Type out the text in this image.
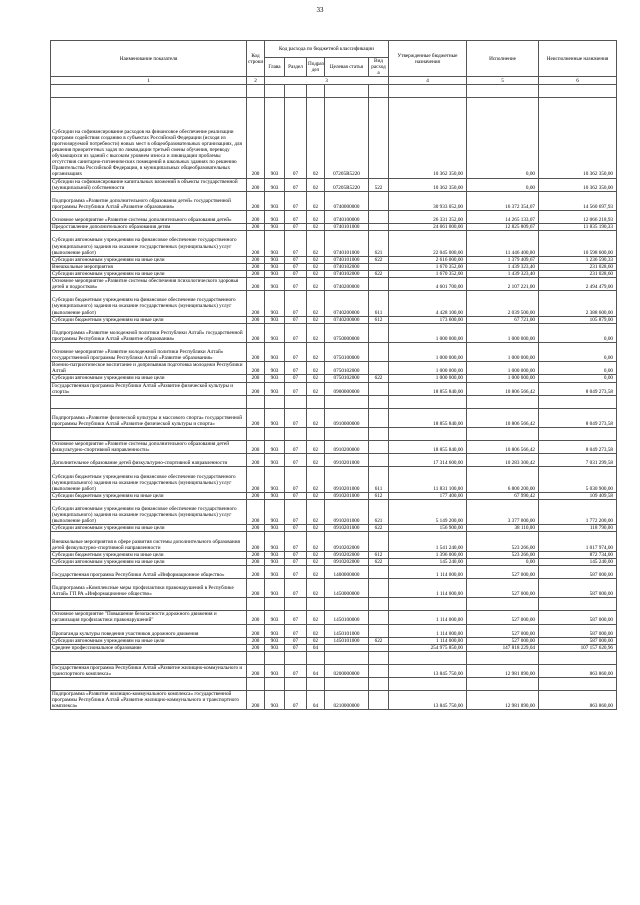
33
Наименование показателя	Код строки	Код расхода по бюджетной классификации					Утвержденные бюджетные назначения	Исполнение	Неисполненные назначения
		Глава	Раздел	Подраз дел	Целевая статья	Вид расход а			
1	2	3					4	5	6

Субсидии на софинансирование расходов на финансовое обеспечение реализации программ содействия созданию в субъектах Российской Федерации (исходя из прогнозируемой потребности) новых мест в общеобразовательных организациях, для решения приоритетных задач по ликвидации третьей смены обучения, переводу обучающихся из зданий с высоким уровнем износа и ликвидации проблемы отсутствия санитарно-гигиенических помещений в школьных зданиях по решению Правительства Российской Федерации, в муниципальных общеобразовательных организациях	200	903	07	02	07205R5220		10 362 350,00	0,00	10 362 350,00
Субсидии на софинансирование капитальных вложений в объекты государственной (муниципальной) собственности	200	903	07	02	07205R5220	522	10 362 350,00	0,00	10 362 350,00
Подпрограмма «Развитие дополнительного образования детей» государственной программы Республики Алтай «Развитие образования»	200	903	07	02	0740000000		30 933 052,00	16 372 354,07	14 560 697,93
Основное мероприятие «Развитие системы дополнительного образования детей»	200	903	07	02	0740100000		26 331 352,00	14 265 133,07	12 066 218,93
Предоставление дополнительного образования детям	200	903	07	02	0740101000		24 661 000,00	12 825 809,67	11 835 190,33
Субсидии автономным учреждениям на финансовое обеспечение государственного (муниципального) задания на оказание государственных (муниципальных) услуг (выполнение работ)	200	903	07	02	0740101000	621	22 045 000,00	11 446 400,00	10 598 600,00
Субсидии автономным учреждениям на иные цели	200	903	07	02	0740101000	622	2 616 000,00	1 379 409,67	1 236 590,33
Внешкольные мероприятия	200	903	07	02	0740102000		1 670 352,00	1 439 323,40	231 028,60
Субсидии автономным учреждениям на иные цели	200	903	07	02	0740102000	622	1 670 352,00	1 439 323,40	231 028,60
Основное мероприятие «Развитие системы обеспечения психологического здоровья детей и подростков»	200	903	07	02	0740200000		4 601 700,00	2 107 221,00	2 494 479,00
Субсидии бюджетным учреждениям на финансовое обеспечение государственного (муниципального) задания на оказание государственных (муниципальных) услуг (выполнение работ)	200	903	07	02	0740200000	611	4 428 100,00	2 039 500,00	2 388 600,00
Субсидии бюджетным учреждениям на иные цели	200	903	07	02	0740200000	612	173 600,00	67 721,00	105 879,00
Подпрограмма «Развитие молодежной политики Республики Алтай» государственной программы Республики Алтай «Развитие образования»	200	903	07	02	0750000000		1 000 000,00	1 000 000,00	0,00
Основное мероприятие «Развитие молодежной политики Республики Алтай» государственной программы Республики Алтай «Развитие образования»	200	903	07	02	0750100000		1 000 000,00	1 000 000,00	0,00
Военно-патриотическое воспитание и допризывная подготовка молодежи Республики Алтай	200	903	07	02	0750102000		1 000 000,00	1 000 000,00	0,00
Субсидии автономным учреждениям на иные цели	200	903	07	02	0750102000	622	1 000 000,00	1 000 000,00	0,00
Государственная программа Республики Алтай «Развитие физической культуры и спорта»	200	903	07	02	0900000000		18 855 840,00	10 806 566,42	8 049 273,58

Подпрограмма «Развитие физической культуры и массового спорта» государственной программы Республики Алтай «Развитие физической культуры и спорта»	200	903	07	02	0910000000		18 855 840,00	10 806 566,42	8 049 273,58

Основное мероприятие «Развитие системы дополнительного образования детей физкультурно-спортивной направленности»	200	903	07	02	0910200000		18 855 840,00	10 806 566,42	8 049 273,58
Дополнительное образование детей физкультурно-спортивной направленности	200	903	07	02	0910201000		17 314 600,00	10 283 300,42	7 031 299,58
Субсидии бюджетным учреждениям на финансовое обеспечение государственного (муниципального) задания на оказание государственных (муниципальных) услуг (выполнение работ)	200	903	07	02	0910201000	611	11 831 100,00	6 800 200,00	5 030 900,00
Субсидии бюджетным учреждениям на иные цели	200	903	07	02	0910201000	612	177 400,00	67 990,42	109 409,58
Субсидии автономным учреждениям на финансовое обеспечение государственного (муниципального) задания на оказание государственных (муниципальных) услуг (выполнение работ)	200	903	07	02	0910201000	621	5 149 200,00	3 377 000,00	1 772 200,00
Субсидии автономным учреждениям на иные цели	200	903	07	02	0910201000	622	156 900,00	38 110,00	118 790,00
Внешкольные мероприятия в сфере развития системы дополнительного образования детей физкультурно-спортивной направленности	200	903	07	02	0910202000		1 541 240,00	523 266,00	1 017 974,00
Субсидии бюджетным учреждениям на иные цели	200	903	07	02	0910202000	612	1 396 000,00	523 266,00	872 734,00
Субсидии автономным учреждениям на иные цели	200	903	07	02	0910202000	622	145 240,00	0,00	145 240,00
Государственная программа Республики Алтай «Информационное общество»	200	903	07	02	1400000000		1 114 000,00	527 000,00	587 000,00
Подпрограмма «Комплексные меры профилактики правонарушений в Республике Алтай» ГП РА «Информационное общество»	200	903	07	02	1450000000		1 114 000,00	527 000,00	587 000,00

Основное мероприятие "Повышение безопасности дорожного движения и организация профилактики правонарушений"	200	903	07	02	1450100000		1 114 000,00	527 000,00	587 000,00
Пропаганда культуры поведения участников дорожного движения	200	903	07	02	1450101000		1 114 000,00	527 000,00	587 000,00
Субсидии автономным учреждениям на иные цели	200	903	07	02	1450101000	622	1 114 000,00	527 000,00	587 000,00
Среднее профессиональное образование	200	903	07	04			254 975 850,00	147 818 229,04	107 157 620,96

Государственная программа Республики Алтай «Развитие жилищно-коммунального и транспортного комплекса»	200	903	07	04	0200000000		13 845 750,00	12 981 890,00	863 860,00

Подпрограмма «Развитие жилищно-коммунального комплекса» государственной программы Республики Алтай «Развитие жилищно-коммунального и транспортного комплекса»	200	903	07	04	0210000000		13 845 750,00	12 981 890,00	863 860,00
